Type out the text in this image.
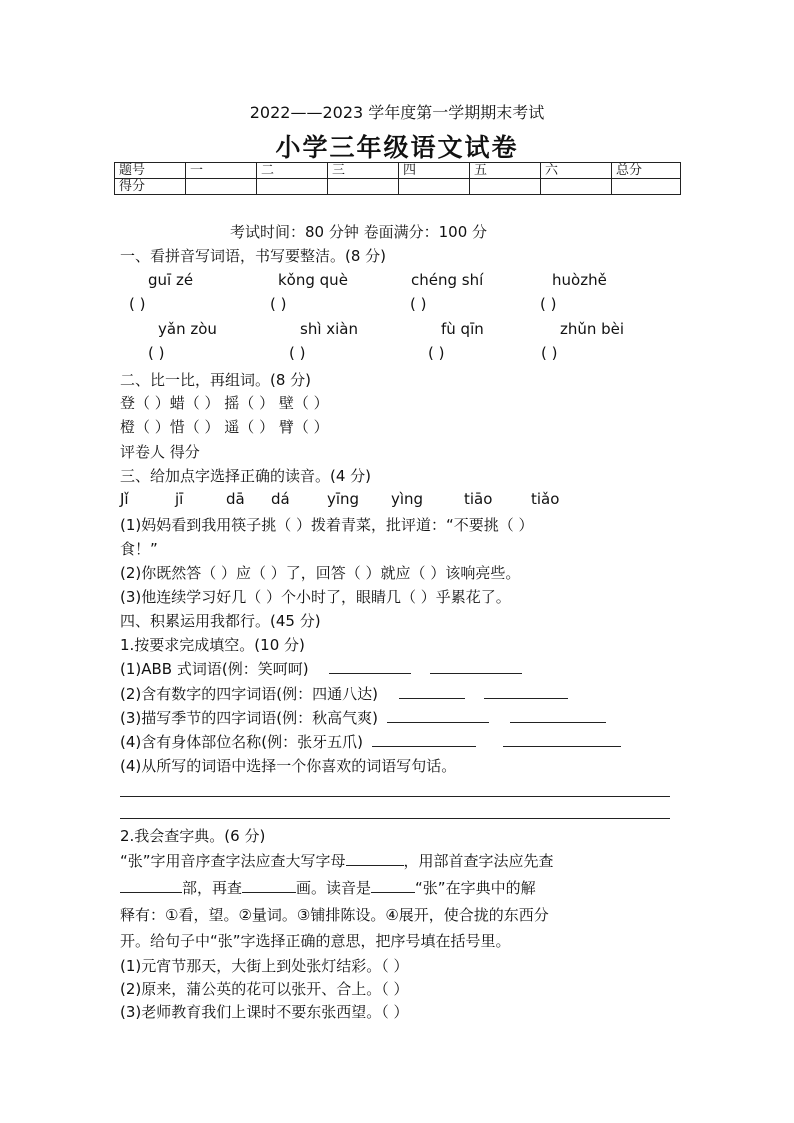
2022——2023 学年度第一学期期末考试
小学三年级语文试卷
题号	一	二	三	四	五	六	总分
得分							
考试时间：80 分钟 卷面满分：100 分
一、看拼音写词语，书写要整洁。(8 分)
guī zé	kǒng què	chéng shí	huòzhě
( )	( )	( )	( )
yǎn zòu	shì xiàn	fù qīn	zhǔn bèi
( )	( )	( )	( )
二、比一比，再组词。(8 分)
登（ ）蜡（ ） 摇（ ） 壁（ ）
橙（ ）惜（ ） 遥（ ） 臂（ ）
评卷人 得分
三、给加点字选择正确的读音。(4 分)
Jǐ	jī	dā dá yīng yìng	tiāo	tiǎo
(1)妈妈看到我用筷子挑（ ）拨着青菜，批评道：“不要挑（ ）
食！”
(2)你既然答（ ）应（ ）了，回答（ ）就应（ ）该响亮些。
(3)他连续学习好几（ ）个小时了，眼睛几（ ）乎累花了。
四、积累运用我都行。(45 分)
1.按要求完成填空。(10 分)
(1)ABB 式词语(例：笑呵呵)
(2)含有数字的四字词语(例：四通八达)
(3)描写季节的四字词语(例：秋高气爽)
(4)含有身体部位名称(例：张牙五爪)
(4)从所写的词语中选择一个你喜欢的词语写句话。
2.我会查字典。(6 分)
“张”字用音序查字法应查大写字母	，用部首查字法应先查
部，再查	画。读音是	“张”在字典中的解
释有：①看，望。②量词。③铺排陈设。④展开，使合拢的东西分
开。给句子中“张”字选择正确的意思，把序号填在括号里。
(1)元宵节那天，大街上到处张灯结彩。（ ）
(2)原来，蒲公英的花可以张开、合上。（ ）
(3)老师教育我们上课时不要东张西望。（ ）
